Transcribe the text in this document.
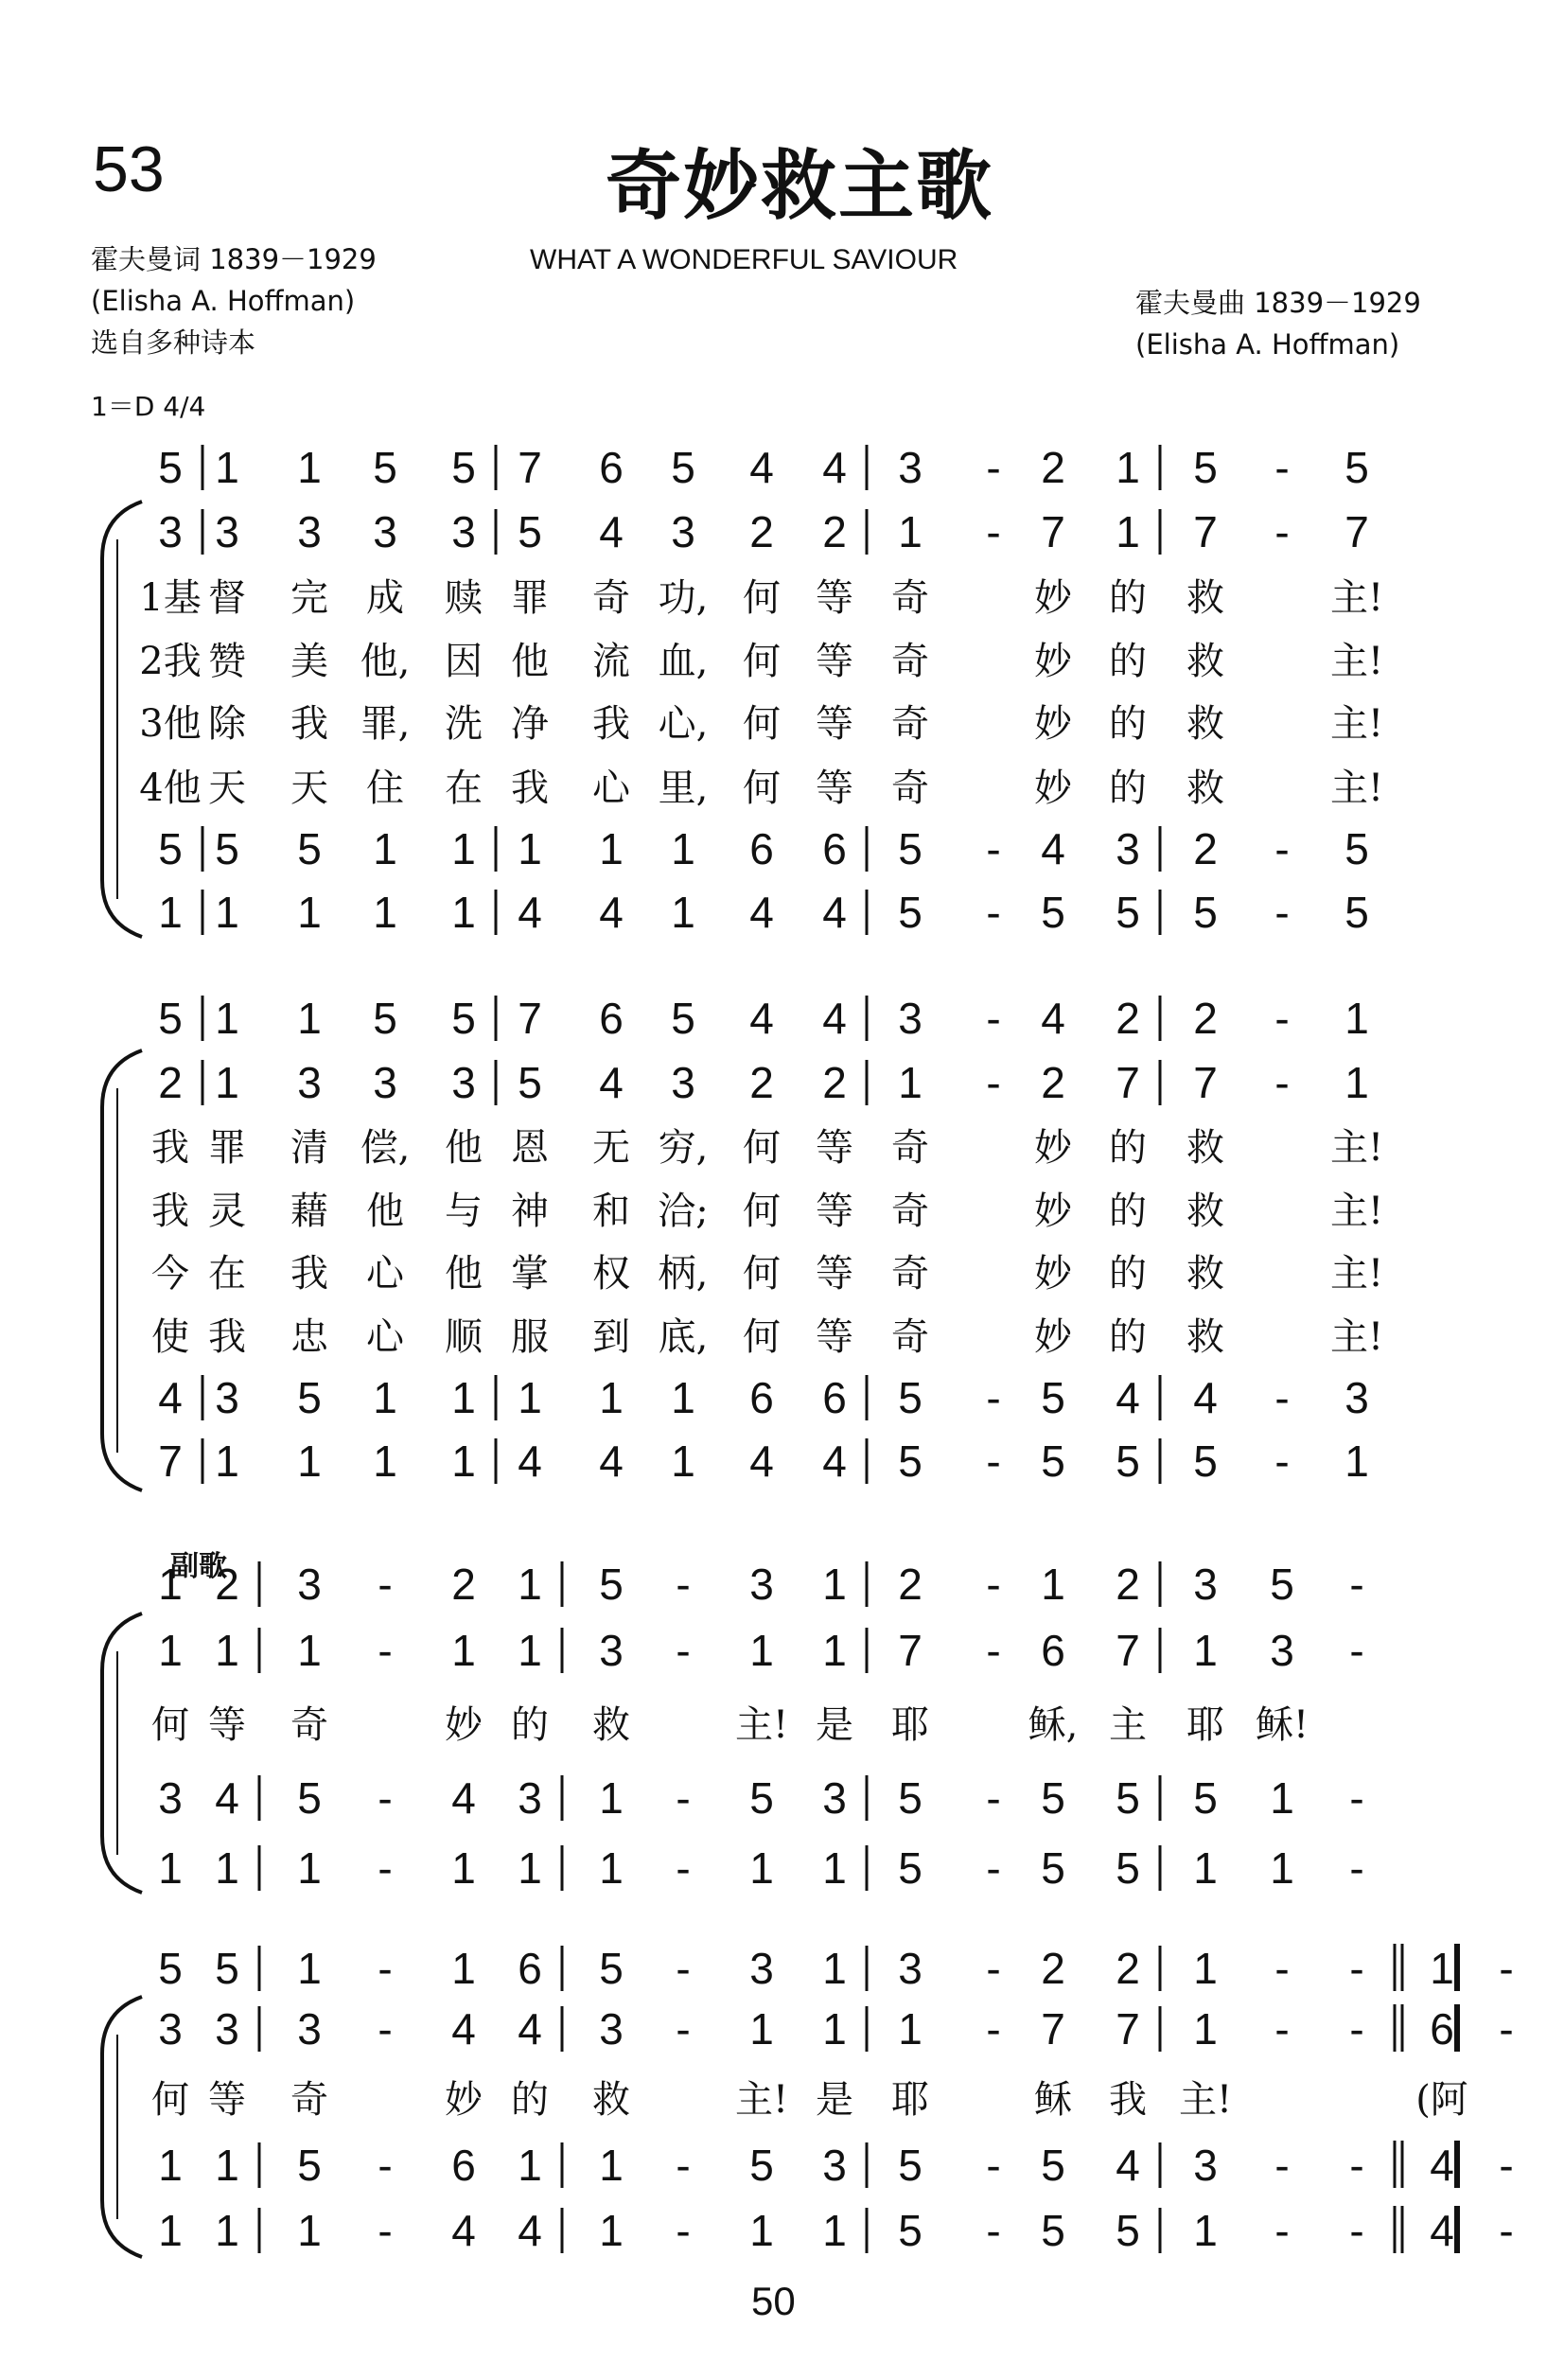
53	奇妙救主歌
WHAT A WONDERFUL SAVIOUR
霍夫曼词 1839－1929
(Elisha A. Hoffman)
选自多种诗本
霍夫曼曲 1839－1929
(Elisha A. Hoffman)
1＝D 4/4
副歌
5 1 1 5 5 7 6 5 4 4 3 - 2 1 5 - 5
3 3 3 3 3 5 4 3 2 2 1 - 7 1 7 - 7
1基 督 完 成 赎 罪 奇 功, 何 等 奇	妙 的 救	主!
2我 赞 美 他, 因 他 流 血, 何 等 奇	妙 的 救	主!
3他 除 我 罪, 洗 净 我 心, 何 等 奇	妙 的 救	主!
4他 天 天 住 在 我 心 里, 何 等 奇	妙 的 救	主!
5 5 5 1 1 1 1 1 6 6 5 - 4 3 2 - 5
1 1 1 1 1 4 4 1 4 4 5 - 5 5 5 - 5
5 1 1 5 5 7 6 5 4 4 3 - 4 2 2 - 1
2 1 3 3 3 5 4 3 2 2 1 - 2 7 7 - 1
我 罪 清 偿, 他 恩 无 穷, 何 等 奇	妙 的 救	主!
我 灵 藉 他 与 神 和 洽; 何 等 奇	妙 的 救	主!
今 在 我 心 他 掌 权 柄, 何 等 奇	妙 的 救	主!
使 我 忠 心 顺 服 到 底, 何 等 奇	妙 的 救	主!
4 3 5 1 1 1 1 1 6 6 5 - 5 4 4 - 3
7 1 1 1 1 4 4 1 4 4 5 - 5 5 5 - 1
1 2 3 - 2 1 5 - 3 1 2 - 1 2 3 5 -
1 1 1 - 1 1 3 - 1 1 7 - 6 7 1 3 -
何 等 奇	妙 的 救	主! 是 耶	稣, 主 耶 稣!
3 4 5 - 4 3 1 - 5 3 5 - 5 5 5 1 -
1 1 1 - 1 1 1 - 1 1 5 - 5 5 1 1 -
5 5 1 - 1 6 5 - 3 1 3 - 2 2 1 - - 1 -
3 3 3 - 4 4 3 - 1 1 1 - 7 7 1 - - 6 -
何 等 奇	妙 的 救	主! 是 耶	稣 我 主!	(阿
1 1 5 - 6 1 1 - 5 3 5 - 5 4 3 - - 4 -
1 1 1 - 4 4 1 - 1 1 5 - 5 5 1 - - 4 -
50
